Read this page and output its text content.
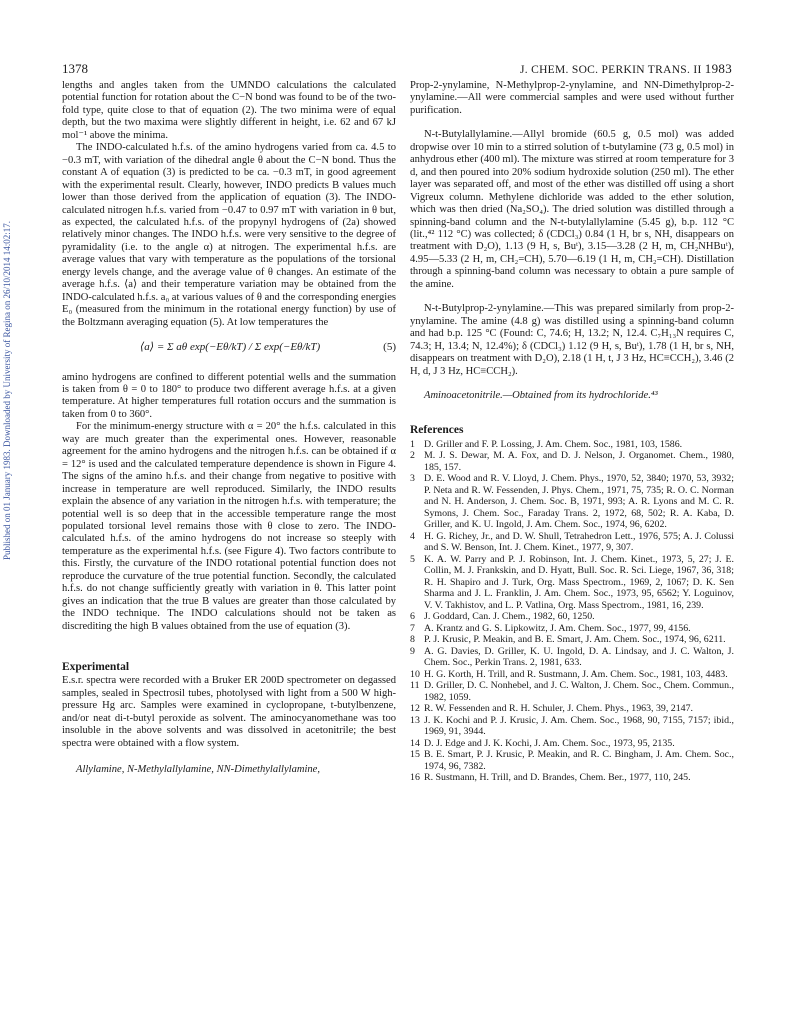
1378	J. CHEM. SOC. PERKIN TRANS. II 1983
Published on 01 January 1983. Downloaded by University of Regina on 26/10/2014 14:02:17.

lengths and angles taken from the UMNDO calculations the calculated potential function for rotation about the C−N bond was found to be of the two-fold type, quite close to that of equation (2). The two minima were of equal depth, but the two maxima were slightly different in height, i.e. 62 and 67 kJ mol⁻¹ above the minima.

The INDO-calculated h.f.s. of the amino hydrogens varied from ca. 4.5 to −0.3 mT, with variation of the dihedral angle θ about the C−N bond. Thus the constant A of equation (3) is predicted to be ca. −0.3 mT, in good agreement with the experimental result. Clearly, however, INDO predicts B values much lower than those derived from the application of equation (3). The INDO-calculated nitrogen h.f.s. varied from −0.47 to 0.97 mT with variation in θ but, as expected, the calculated h.f.s. of the propynyl hydrogens of (2a) showed relatively minor changes. The INDO h.f.s. were very sensitive to the degree of pyramidality (i.e. to the angle α) at nitrogen. The experimental h.f.s. are average values that vary with temperature as the populations of the torsional energy levels change, and the average value of θ changes. An estimate of the average h.f.s. ⟨a⟩ and their temperature variation may be obtained from the INDO-calculated h.f.s. a₀ at various values of θ and the corresponding energies E₀ (measured from the minimum in the rotational energy function) by use of the Boltzmann averaging equation (5). At low temperatures the

⟨a⟩ = Σ aθ exp(−Eθ/kT) / Σ exp(−Eθ/kT)	(5)

amino hydrogens are confined to different potential wells and the summation is taken from θ = 0 to 180° to produce two different average h.f.s. at a given temperature. At higher temperatures full rotation occurs and the summation is taken from 0 to 360°.

For the minimum-energy structure with α = 20° the h.f.s. calculated in this way are much greater than the experimental ones. However, reasonable agreement for the amino hydrogens and the nitrogen h.f.s. can be obtained if α = 12° is used and the calculated temperature dependence is shown in Figure 4. The signs of the amino h.f.s. and their change from negative to positive with increase in temperature are well reproduced. Similarly, the INDO results explain the absence of any variation in the nitrogen h.f.s. with temperature; the potential well is so deep that in the accessible temperature range the most populated torsional level remains those with θ close to zero. The INDO-calculated h.f.s. of the amino hydrogens do not increase so steeply with temperature as the experimental h.f.s. (see Figure 4). Two factors contribute to this. Firstly, the curvature of the INDO rotational potential function does not reproduce the curvature of the true potential function. Secondly, the calculated h.f.s. do not change sufficiently greatly with variation in θ. This latter point gives an indication that the true B values are greater than those calculated by the INDO technique. The INDO calculations should not be taken as discrediting the high B values obtained from the use of equation (3).

Experimental

E.s.r. spectra were recorded with a Bruker ER 200D spectrometer on degassed samples, sealed in Spectrosil tubes, photolysed with light from a 500 W high-pressure Hg arc. Samples were examined in cyclopropane, t-butylbenzene, and/or neat di-t-butyl peroxide as solvent. The aminocyanomethane was too insoluble in the above solvents and was dissolved in acetonitrile; the best spectra were obtained with a flow system.

Allylamine, N-Methylallylamine, NN-Dimethylallylamine,

Prop-2-ynylamine, N-Methylprop-2-ynylamine, and NN-Dimethylprop-2-ynylamine.—All were commercial samples and were used without further purification.

N-t-Butylallylamine.—Allyl bromide (60.5 g, 0.5 mol) was added dropwise over 10 min to a stirred solution of t-butylamine (73 g, 0.5 mol) in anhydrous ether (400 ml). The mixture was stirred at room temperature for 3 d, and then poured into 20% sodium hydroxide solution (250 ml). The ether layer was separated off, and most of the ether was distilled off using a short Vigreux column. Methylene dichloride was added to the ether solution, which was then dried (Na₂SO₄). The dried solution was distilled through a spinning-band column and the N-t-butylallylamine (5.45 g), b.p. 112 °C (lit.,⁴² 112 °C) was collected; δ (CDCl₃) 0.84 (1 H, br s, NH, disappears on treatment with D₂O), 1.13 (9 H, s, Buᵗ), 3.15—3.28 (2 H, m, CH₂NHBuᵗ), 4.95—5.33 (2 H, m, CH₂=CH), 5.70—6.19 (1 H, m, CH₂=CH). Distillation through a spinning-band column was necessary to obtain a pure sample of the amine.

N-t-Butylprop-2-ynylamine.—This was prepared similarly from prop-2-ynylamine. The amine (4.8 g) was distilled using a spinning-band column and had b.p. 125 °C (Found: C, 74.6; H, 13.2; N, 12.4. C₇H₁₃N requires C, 74.3; H, 13.4; N, 12.4%); δ (CDCl₃) 1.12 (9 H, s, Buᵗ), 1.78 (1 H, br s, NH, disappears on treatment with D₂O), 2.18 (1 H, t, J 3 Hz, HC≡CCH₂), 3.46 (2 H, d, J 3 Hz, HC≡CCH₂).

Aminoacetonitrile.—Obtained from its hydrochloride.⁴³

References
1 D. Griller and F. P. Lossing, J. Am. Chem. Soc., 1981, 103, 1586.
2 M. J. S. Dewar, M. A. Fox, and D. J. Nelson, J. Organomet. Chem., 1980, 185, 157.
3 D. E. Wood and R. V. Lloyd, J. Chem. Phys., 1970, 52, 3840; 1970, 53, 3932; P. Neta and R. W. Fessenden, J. Phys. Chem., 1971, 75, 735; R. O. C. Norman and N. H. Anderson, J. Chem. Soc. B, 1971, 993; A. R. Lyons and M. C. R. Symons, J. Chem. Soc., Faraday Trans. 2, 1972, 68, 502; R. A. Kaba, D. Griller, and K. U. Ingold, J. Am. Chem. Soc., 1974, 96, 6202.
4 H. G. Richey, Jr., and D. W. Shull, Tetrahedron Lett., 1976, 575; A. J. Colussi and S. W. Benson, Int. J. Chem. Kinet., 1977, 9, 307.
5 K. A. W. Parry and P. J. Robinson, Int. J. Chem. Kinet., 1973, 5, 27; J. E. Collin, M. J. Frankskin, and D. Hyatt, Bull. Soc. R. Sci. Liege, 1967, 36, 318; R. H. Shapiro and J. Turk, Org. Mass Spectrom., 1969, 2, 1067; D. K. Sen Sharma and J. L. Franklin, J. Am. Chem. Soc., 1973, 95, 6562; Y. Loguinov, V. V. Takhistov, and L. P. Vatlina, Org. Mass Spectrom., 1981, 16, 239.
6 J. Goddard, Can. J. Chem., 1982, 60, 1250.
7 A. Krantz and G. S. Lipkowitz, J. Am. Chem. Soc., 1977, 99, 4156.
8 P. J. Krusic, P. Meakin, and B. E. Smart, J. Am. Chem. Soc., 1974, 96, 6211.
9 A. G. Davies, D. Griller, K. U. Ingold, D. A. Lindsay, and J. C. Walton, J. Chem. Soc., Perkin Trans. 2, 1981, 633.
10 H. G. Korth, H. Trill, and R. Sustmann, J. Am. Chem. Soc., 1981, 103, 4483.
11 D. Griller, D. C. Nonhebel, and J. C. Walton, J. Chem. Soc., Chem. Commun., 1982, 1059.
12 R. W. Fessenden and R. H. Schuler, J. Chem. Phys., 1963, 39, 2147.
13 J. K. Kochi and P. J. Krusic, J. Am. Chem. Soc., 1968, 90, 7155, 7157; ibid., 1969, 91, 3944.
14 D. J. Edge and J. K. Kochi, J. Am. Chem. Soc., 1973, 95, 2135.
15 B. E. Smart, P. J. Krusic, P. Meakin, and R. C. Bingham, J. Am. Chem. Soc., 1974, 96, 7382.
16 R. Sustmann, H. Trill, and D. Brandes, Chem. Ber., 1977, 110, 245.
